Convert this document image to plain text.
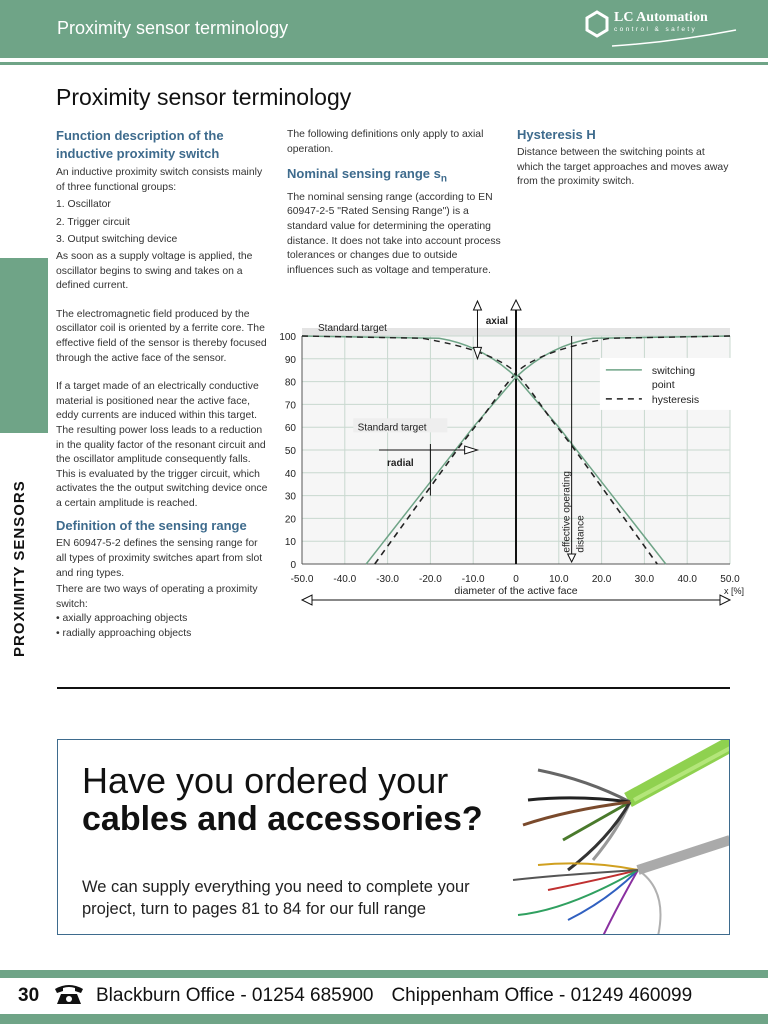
Proximity sensor terminology
LC Automation
control & safety
Proximity sensor terminology
PROXIMITY SENSORS

Function description of the inductive proximity switch

An inductive proximity switch consists mainly of three functional groups:

1. Oscillator

2. Trigger circuit

3. Output switching device

As soon as a supply voltage is applied, the oscillator begins to swing and takes on a defined current.

The electromagnetic field produced by the oscillator coil is oriented by a ferrite core. The effective field of the sensor is thereby focused through the active face of the sensor.

If a target made of an electrically conductive material is positioned near the active face, eddy currents are induced within this target. The resulting power loss leads to a reduction in the quality factor of the resonant circuit and the oscillator amplitude consequently falls. This is evaluated by the trigger circuit, which activates the the output switching device once a certain amplitude is reached.

Definition of the sensing range

EN 60947-5-2 defines the sensing range for all types of proximity switches apart from slot and ring types.

There are two ways of operating a proximity switch:

• axially approaching objects

• radially approaching objects

The following definitions only apply to axial operation.

Nominal sensing range $s_n$

The nominal sensing range (according to EN 60947-2-5 "Rated Sensing Range") is a standard value for determining the operating distance. It does not take into account process tolerances or changes due to outside influences such as voltage and temperature.

Hysteresis H

Distance between the switching points at which the target approaches and moves away from the proximity switch.

100
90
80
70
60
50
40
30
20
10
0
-50.0 -40.0 -30.0 -20.0 -10.0	0	10.0 20.0 30.0 40.0 50.0
Standard target
Standard target
axial
radial
effective operating distance
diameter of the active face	x [%]
switching
point
hysteresis
Have you ordered your
cables and accessories?
We can supply everything you need to complete your project, turn to pages 81 to 84 for our full range
30	Blackburn Office - 01254 685900 Chippenham Office - 01249 460099
